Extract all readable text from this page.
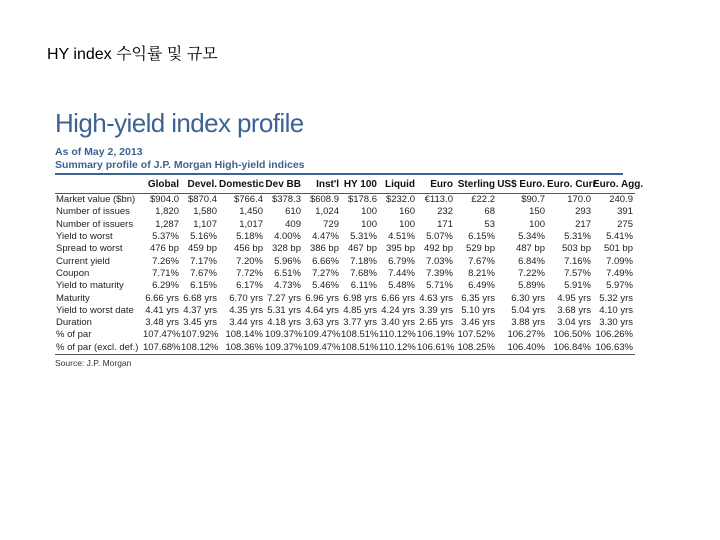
HY index 수익률 및 규모
High-yield index profile
As of May 2, 2013
Summary profile of J.P. Morgan High-yield indices
	Global	Devel.	Domestic	Dev BB	Inst'l	HY 100	Liquid	Euro	Sterling	US$ Euro.	Euro. Curr	Euro. Agg.
Market value ($bn)	$904.0	$870.4	$766.4	$378.3	$608.9	$178.6	$232.0	€113.0	£22.2	$90.7	170.0	240.9
Number of issues	1,820	1,580	1,450	610	1,024	100	160	232	68	150	293	391
Number of issuers	1,287	1,107	1,017	409	729	100	100	171	53	100	217	275
Yield to worst	5.37%	5.16%	5.18%	4.00%	4.47%	5.31%	4.51%	5.07%	6.15%	5.34%	5.31%	5.41%
Spread to worst	476 bp	459 bp	456 bp	328 bp	386 bp	467 bp	395 bp	492 bp	529 bp	487 bp	503 bp	501 bp
Current yield	7.26%	7.17%	7.20%	5.96%	6.66%	7.18%	6.79%	7.03%	7.67%	6.84%	7.16%	7.09%
Coupon	7.71%	7.67%	7.72%	6.51%	7.27%	7.68%	7.44%	7.39%	8.21%	7.22%	7.57%	7.49%
Yield to maturity	6.29%	6.15%	6.17%	4.73%	5.46%	6.11%	5.48%	5.71%	6.49%	5.89%	5.91%	5.97%
Maturity	6.66 yrs	6.68 yrs	6.70 yrs	7.27 yrs	6.96 yrs	6.98 yrs	6.66 yrs	4.63 yrs	6.35 yrs	6.30 yrs	4.95 yrs	5.32 yrs
Yield to worst date	4.41 yrs	4.37 yrs	4.35 yrs	5.31 yrs	4.64 yrs	4.85 yrs	4.24 yrs	3.39 yrs	5.10 yrs	5.04 yrs	3.68 yrs	4.10 yrs
Duration	3.48 yrs	3.45 yrs	3.44 yrs	4.18 yrs	3.63 yrs	3.77 yrs	3.40 yrs	2.65 yrs	3.46 yrs	3.88 yrs	3.04 yrs	3.30 yrs
% of par	107.47%	107.92%	108.14%	109.37%	109.47%	108.51%	110.12%	106.19%	107.52%	106.27%	106.50%	106.26%
% of par (excl. def.)	107.68%	108.12%	108.36%	109.37%	109.47%	108.51%	110.12%	106.61%	108.25%	106.40%	106.84%	106.63%
Source: J.P. Morgan
